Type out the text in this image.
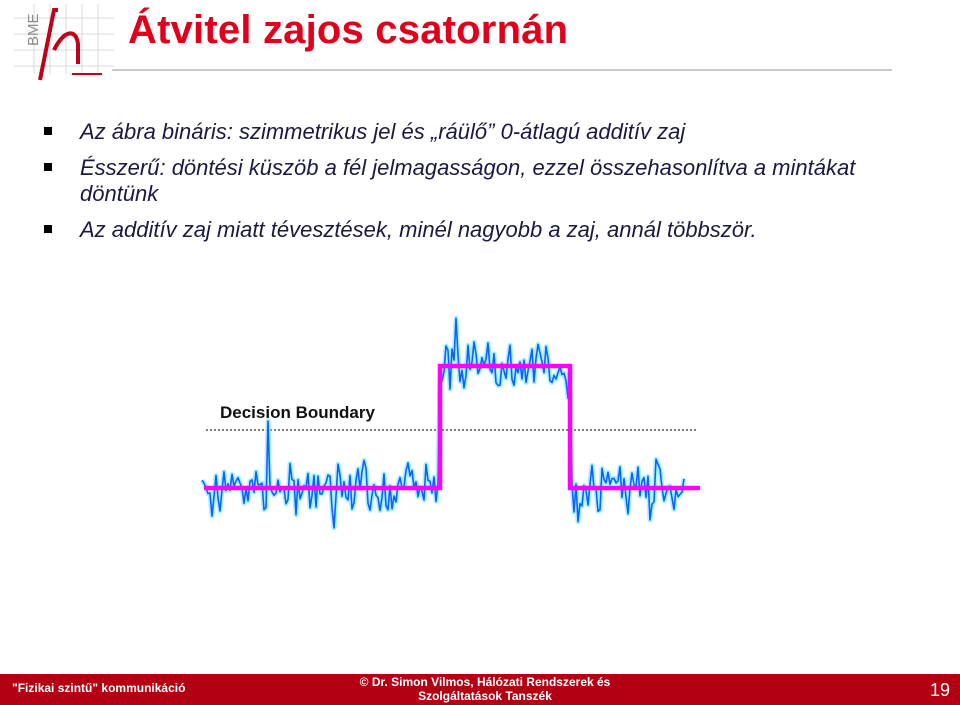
BME Átvitel zajos csatornán
Az ábra bináris: szimmetrikus jel és „ráülő” 0-átlagú additív zaj
Ésszerű: döntési küszöb a fél jelmagasságon, ezzel összehasonlítva a mintákat döntünk
Az additív zaj miatt tévesztések, minél nagyobb a zaj, annál többször.
Decision Boundary
"Fizikai szintű" kommunikáció	© Dr. Simon Vilmos, Hálózati Rendszerek és
Szolgáltatások Tanszék	19
